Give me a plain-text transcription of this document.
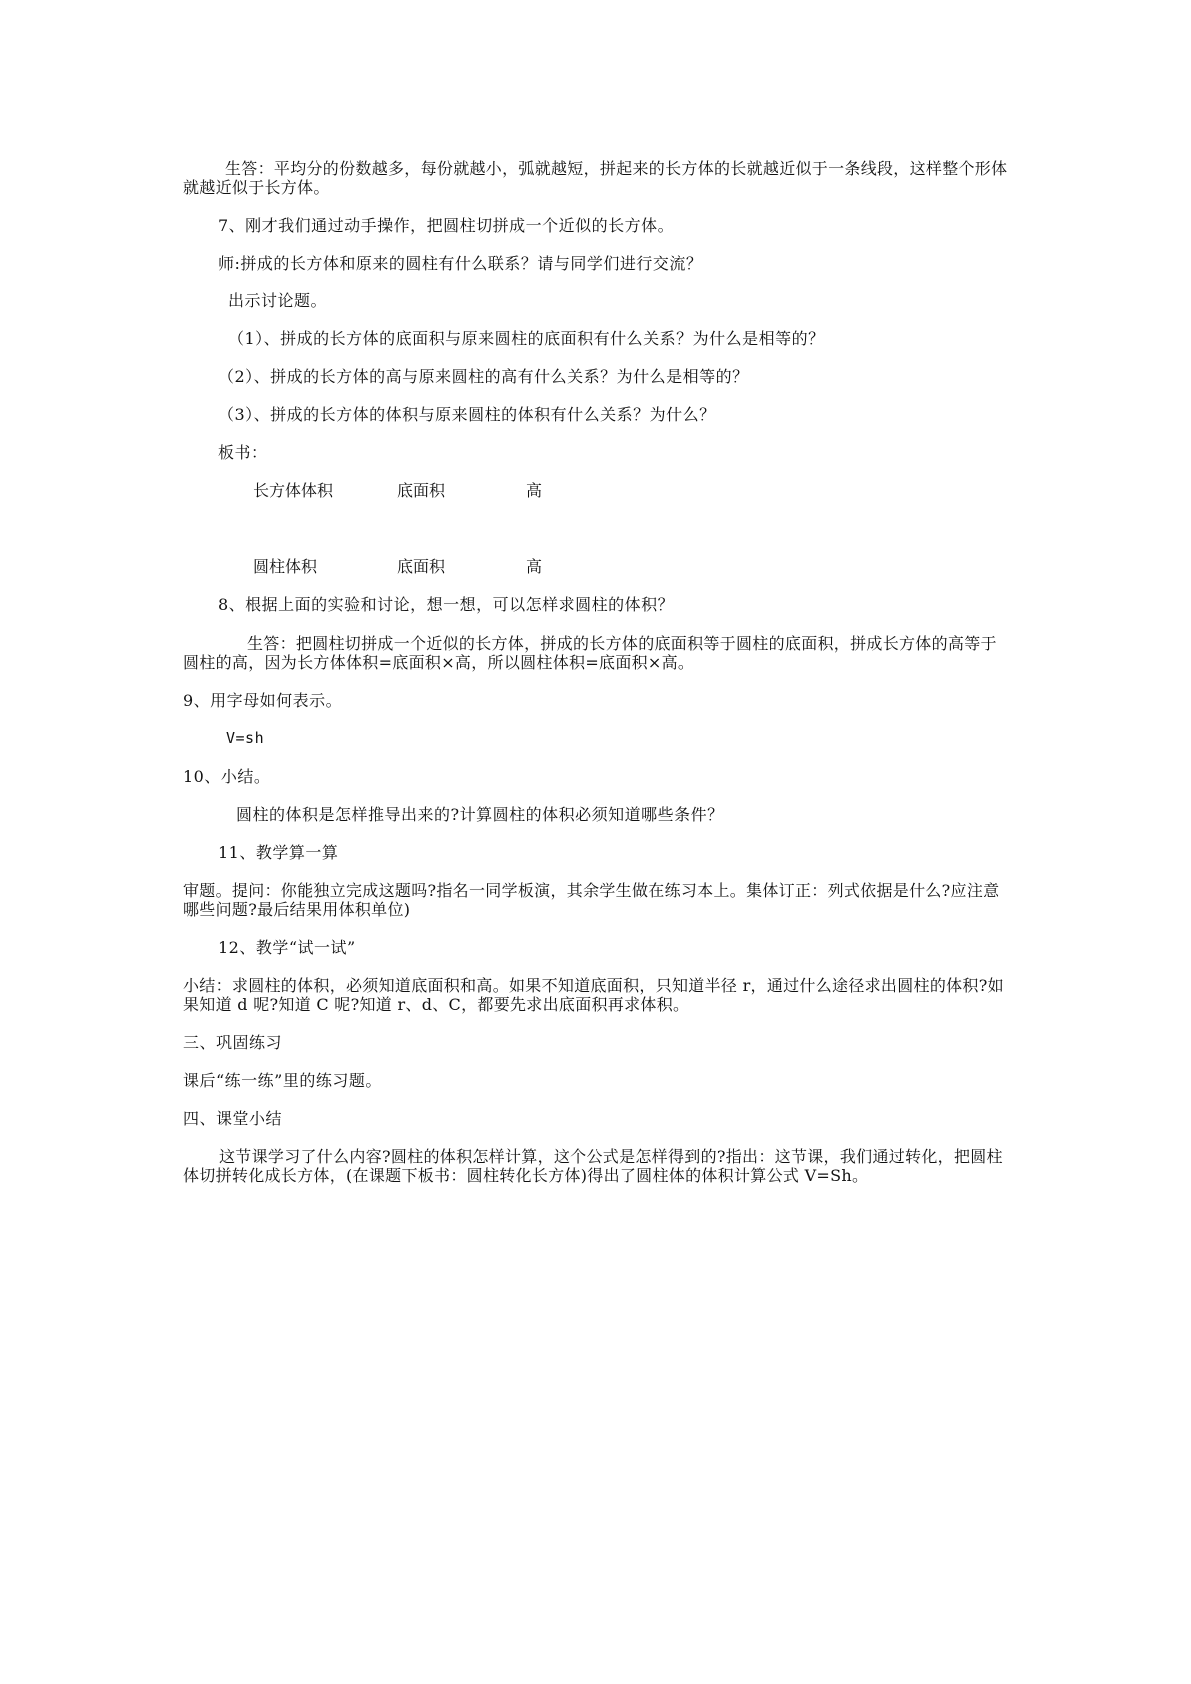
生答：平均分的份数越多，每份就越小，弧就越短，拼起来的长方体的长就越近似于一条线段，这样整个形体就越近似于长方体。
7、刚才我们通过动手操作，把圆柱切拼成一个近似的长方体。
师:拼成的长方体和原来的圆柱有什么联系？请与同学们进行交流？
出示讨论题。
（1）、拼成的长方体的底面积与原来圆柱的底面积有什么关系？为什么是相等的？
（2）、拼成的长方体的高与原来圆柱的高有什么关系？为什么是相等的？
（3）、拼成的长方体的体积与原来圆柱的体积有什么关系？为什么？
板书：
长方体体积	底面积	高
圆柱体积	底面积	高
8、根据上面的实验和讨论，想一想，可以怎样求圆柱的体积？
生答：把圆柱切拼成一个近似的长方体，拼成的长方体的底面积等于圆柱的底面积，拼成长方体的高等于圆柱的高，因为长方体体积=底面积×高，所以圆柱体积=底面积×高。
9、用字母如何表示。
V=sh
10、小结。
圆柱的体积是怎样推导出来的?计算圆柱的体积必须知道哪些条件？
11、教学算一算
审题。提问：你能独立完成这题吗?指名一同学板演，其余学生做在练习本上。集体订正：列式依据是什么?应注意哪些问题?最后结果用体积单位)
12、教学“试一试”
小结：求圆柱的体积，必须知道底面积和高。如果不知道底面积，只知道半径 r，通过什么途径求出圆柱的体积?如果知道 d 呢?知道 C 呢?知道 r、d、C，都要先求出底面积再求体积。
三、巩固练习
课后“练一练”里的练习题。
四、课堂小结
这节课学习了什么内容?圆柱的体积怎样计算，这个公式是怎样得到的?指出：这节课，我们通过转化，把圆柱体切拼转化成长方体，(在课题下板书：圆柱转化长方体)得出了圆柱体的体积计算公式 V=Sh。
